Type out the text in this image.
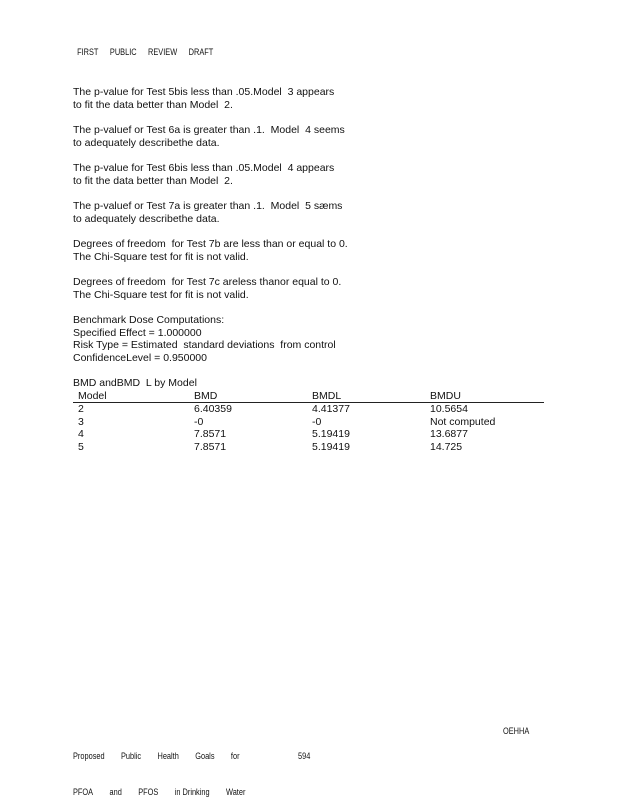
FIRST PUBLIC REVIEW DRAFT

The p-value for Test 5bis less than .05.Model  3 appears
to fit the data better than Model  2.
The p-valuef or Test 6a is greater than .1.  Model  4 seems
to adequately describethe data.
The p-value for Test 6bis less than .05.Model  4 appears
to fit the data better than Model  2.
The p-valuef or Test 7a is greater than .1.  Model  5 sæms
to adequately describethe data.
Degrees of freedom  for Test 7b are less than or equal to 0.
The Chi-Square test for fit is not valid.
Degrees of freedom  for Test 7c areless thanor equal to 0.
The Chi-Square test for fit is not valid.
Benchmark Dose Computations:
Specified Effect = 1.000000
Risk Type = Estimated  standard deviations  from control
ConfidenceLevel = 0.950000
BMD andBMD  L by Model
Model	BMD	BMDL	BMDU
2	6.40359	4.41377	10.5654
3	-0	-0	Not computed
4	7.8571	5.19419	13.6877
5	7.8571	5.19419	14.725

Proposed Public Health Goals for

PFOA and PFOS in Drinking Water

OEHHA
594
